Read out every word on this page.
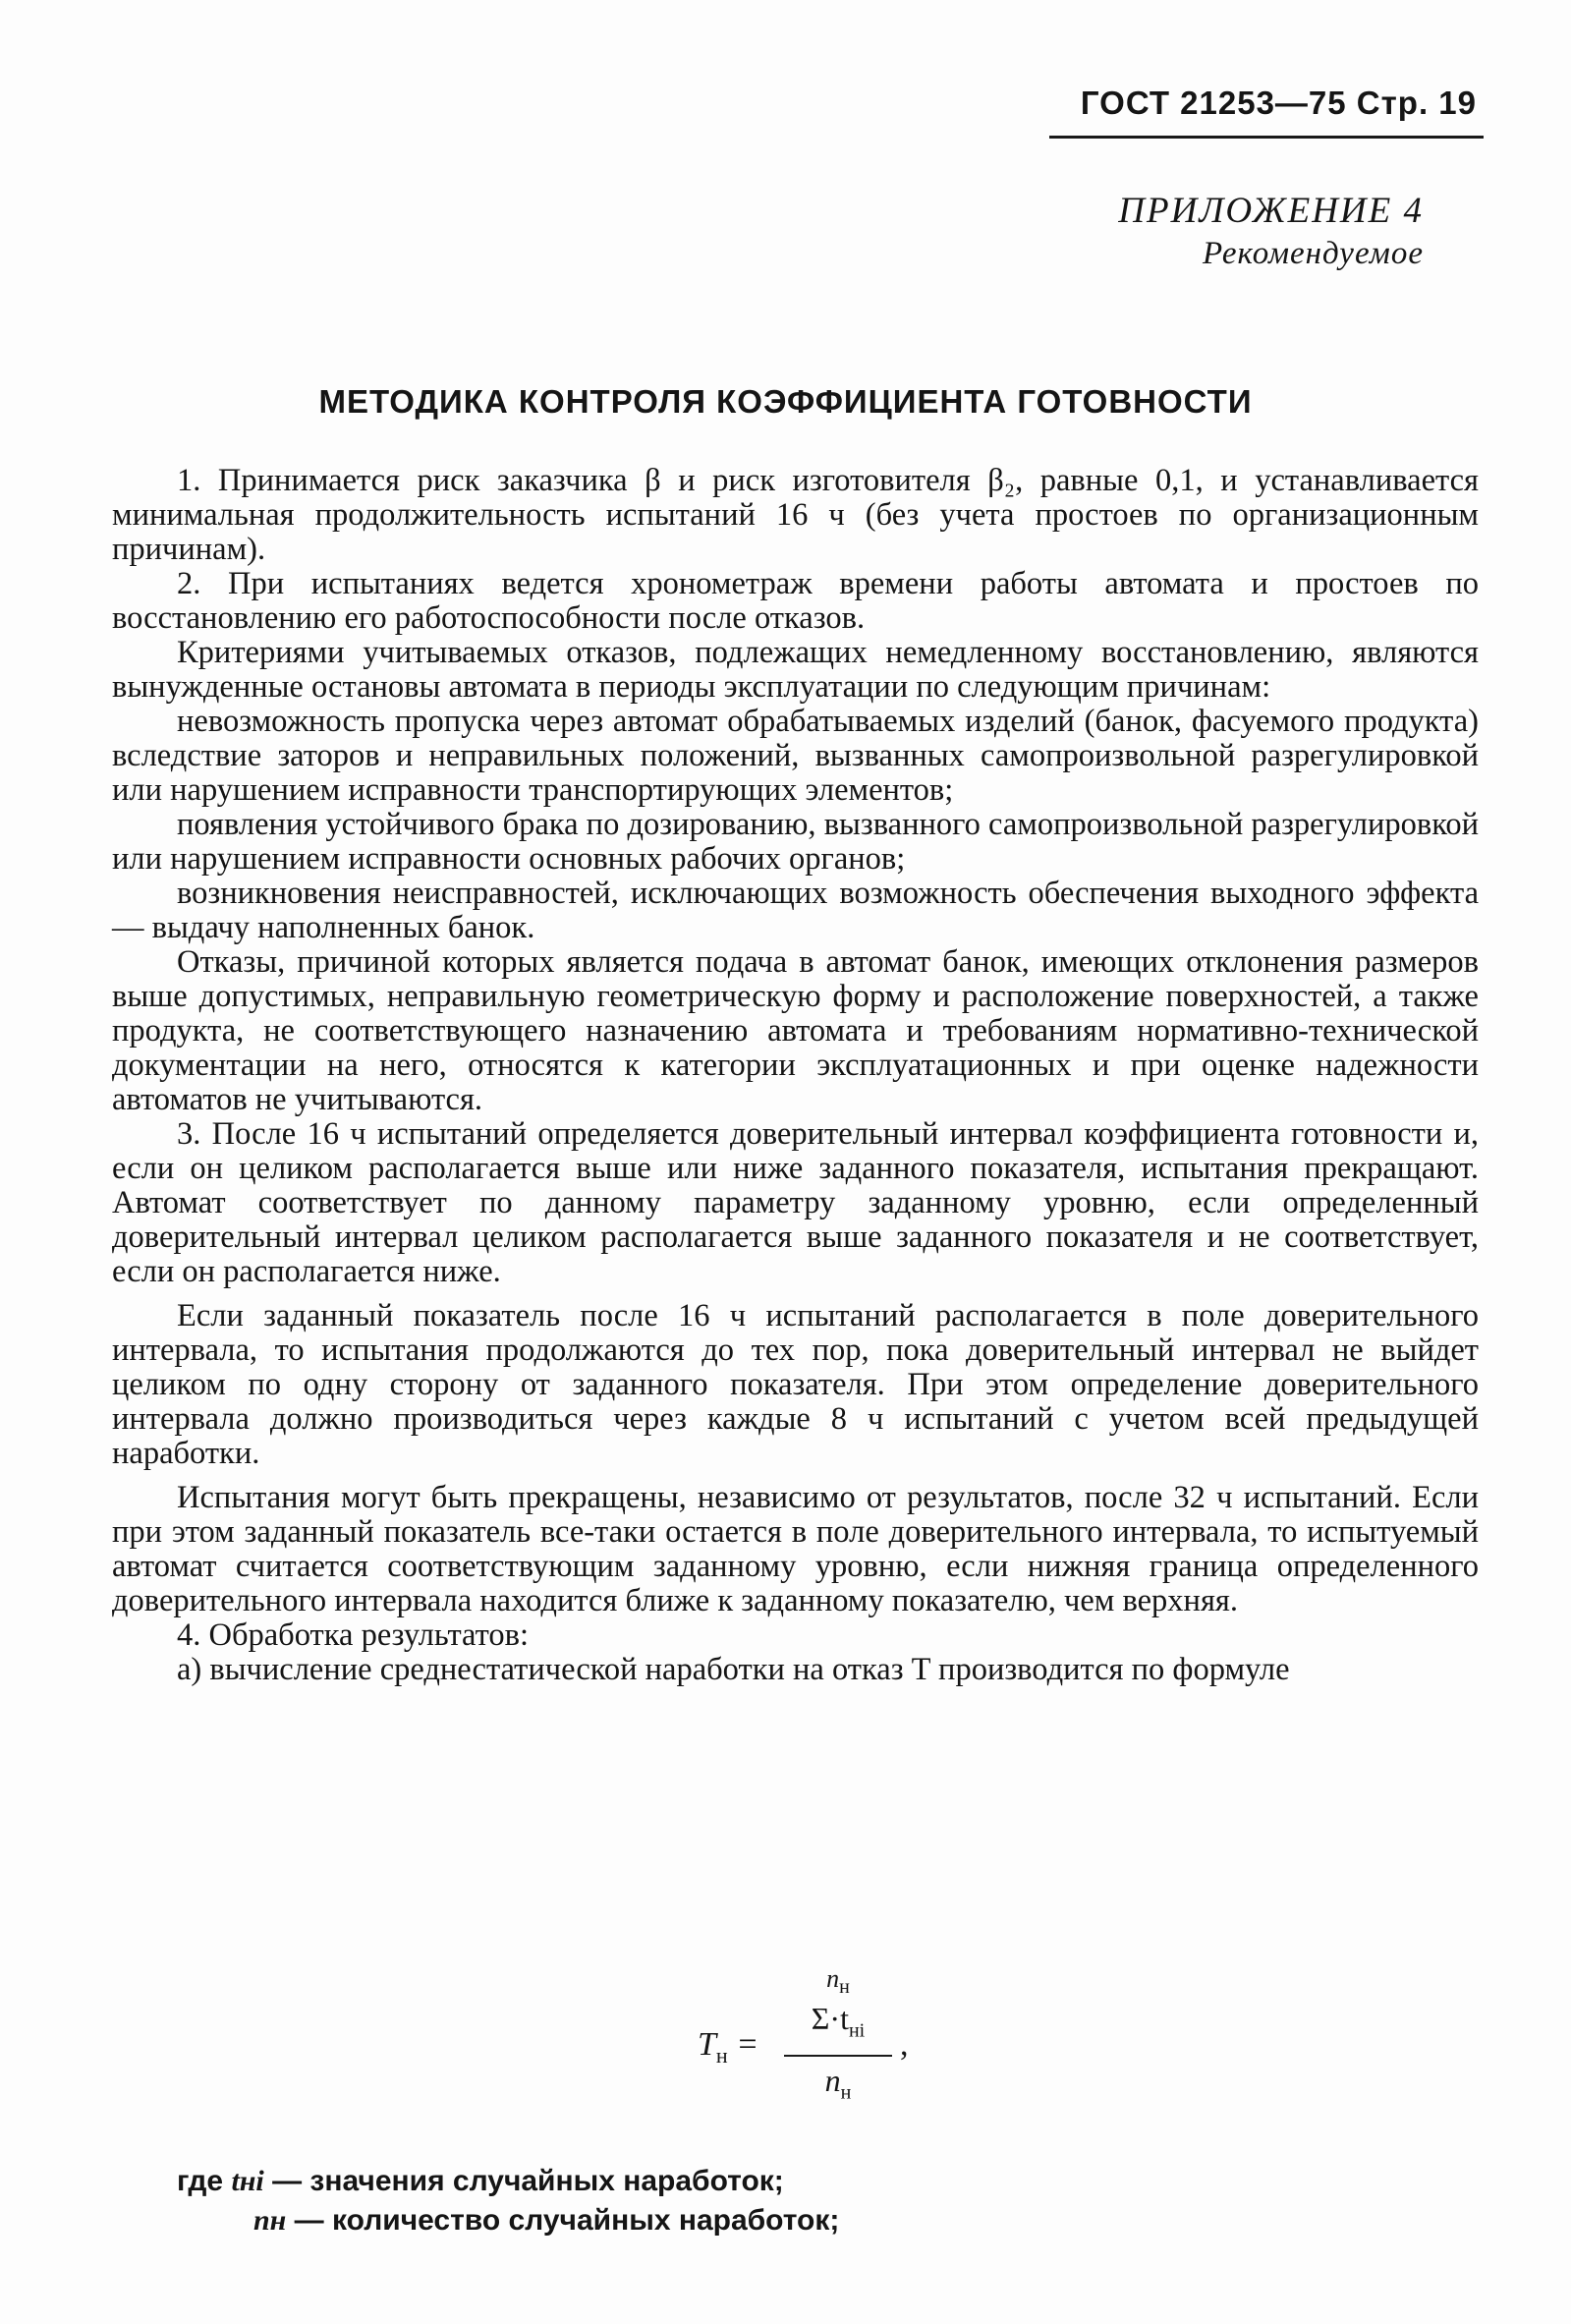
ГОСТ 21253—75 Стр. 19
ПРИЛОЖЕНИЕ 4
Рекомендуемое
МЕТОДИКА КОНТРОЛЯ КОЭФФИЦИЕНТА ГОТОВНОСТИ

1. Принимается риск заказчика β и риск изготовителя β₂, равные 0,1, и устанавливается минимальная продолжительность испытаний 16 ч (без учета простоев по организационным причинам).

2. При испытаниях ведется хронометраж времени работы автомата и простоев по восстановлению его работоспособности после отказов.

Критериями учитываемых отказов, подлежащих немедленному восстановлению, являются вынужденные остановы автомата в периоды эксплуатации по следующим причинам:

невозможность пропуска через автомат обрабатываемых изделий (банок, фасуемого продукта) вследствие заторов и неправильных положений, вызванных самопроизвольной разрегулировкой или нарушением исправности транспортирующих элементов;

появления устойчивого брака по дозированию, вызванного самопроизвольной разрегулировкой или нарушением исправности основных рабочих органов;

возникновения неисправностей, исключающих возможность обеспечения выходного эффекта — выдачу наполненных банок.

Отказы, причиной которых является подача в автомат банок, имеющих отклонения размеров выше допустимых, неправильную геометрическую форму и расположение поверхностей, а также продукта, не соответствующего назначению автомата и требованиям нормативно-технической документации на него, относятся к категории эксплуатационных и при оценке надежности автоматов не учитываются.

3. После 16 ч испытаний определяется доверительный интервал коэффициента готовности и, если он целиком располагается выше или ниже заданного показателя, испытания прекращают. Автомат соответствует по данному параметру заданному уровню, если определенный доверительный интервал целиком располагается выше заданного показателя и не соответствует, если он располагается ниже.

Если заданный показатель после 16 ч испытаний располагается в поле доверительного интервала, то испытания продолжаются до тех пор, пока доверительный интервал не выйдет целиком по одну сторону от заданного показателя. При этом определение доверительного интервала должно производиться через каждые 8 ч испытаний с учетом всей предыдущей наработки.

Испытания могут быть прекращены, независимо от результатов, после 32 ч испытаний. Если при этом заданный показатель все-таки остается в поле доверительного интервала, то испытуемый автомат считается соответствующим заданному уровню, если нижняя граница определенного доверительного интервала находится ближе к заданному показателю, чем верхняя.

4. Обработка результатов:

а) вычисление среднестатической наработки на отказ T производится по формуле

$T_н$ =
$n_н$
$\Sigma\cdot t_{нi}$
$n_н$
,
где tнi — значения случайных наработок;
nн — количество случайных наработок;
